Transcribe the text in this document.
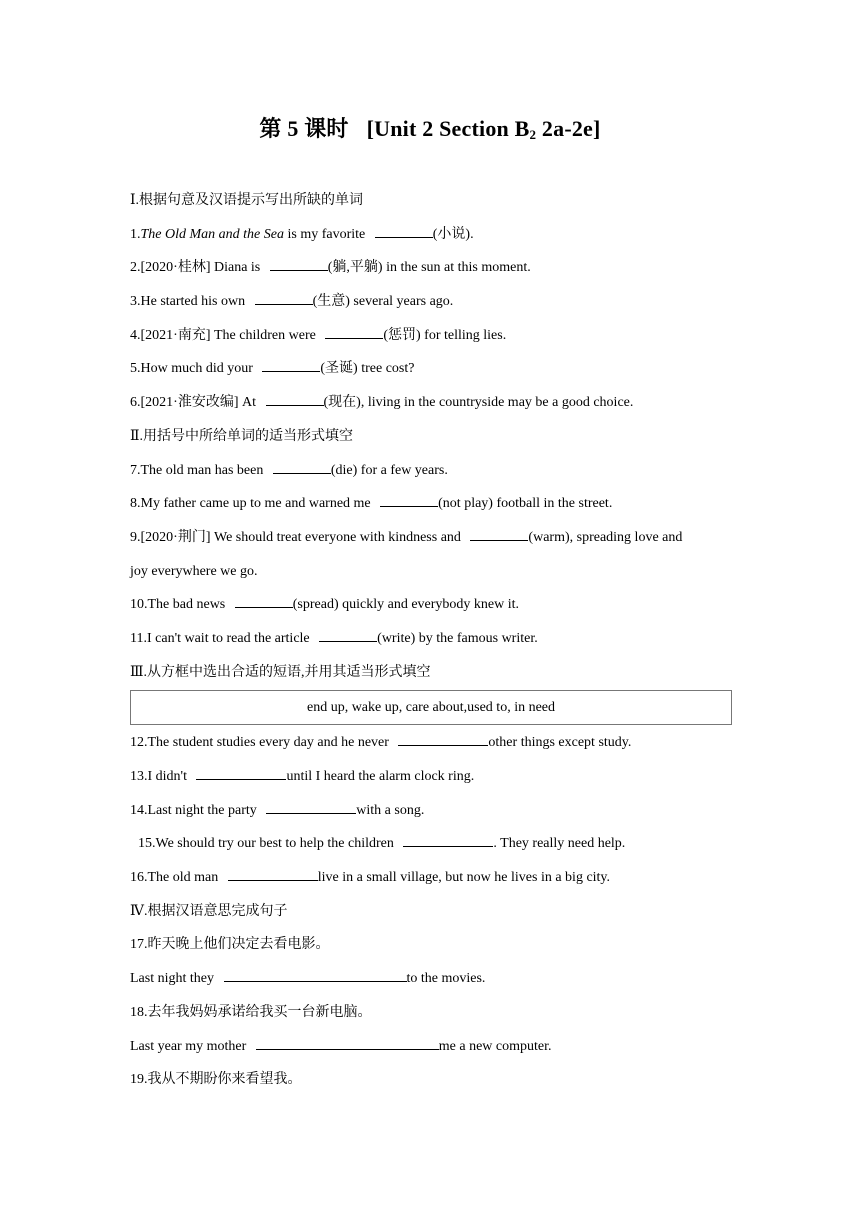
第 5 课时 [Unit 2 Section $B_2$ 2a-2e]
Ⅰ.根据句意及汉语提示写出所缺的单词
1.The Old Man and the Sea is my favorite	(小说).
2.[2020·桂林] Diana is	(躺,平躺) in the sun at this moment.
3.He started his own	(生意) several years ago.
4.[2021·南充] The children were	(惩罚) for telling lies.
5.How much did your	(圣诞) tree cost?
6.[2021·淮安改编] At	(现在), living in the countryside may be a good choice.
Ⅱ.用括号中所给单词的适当形式填空
7.The old man has been	(die) for a few years.
8.My father came up to me and warned me	(not play) football in the street.
9.[2020·荆门] We should treat everyone with kindness and	(warm), spreading love and
joy everywhere we go.
10.The bad news	(spread) quickly and everybody knew it.
11.I can't wait to read the article	(write) by the famous writer.
Ⅲ.从方框中选出合适的短语,并用其适当形式填空
end up, wake up, care about,used to, in need
12.The student studies every day and he never	other things except study.
13.I didn't	until I heard the alarm clock ring.
14.Last night the party	with a song.
15.We should try our best to help the children	. They really need help.
16.The old man	live in a small village, but now he lives in a big city.
Ⅳ.根据汉语意思完成句子
17.昨天晚上他们决定去看电影。
Last night they	to the movies.
18.去年我妈妈承诺给我买一台新电脑。
Last year my mother	me a new computer.
19.我从不期盼你来看望我。
